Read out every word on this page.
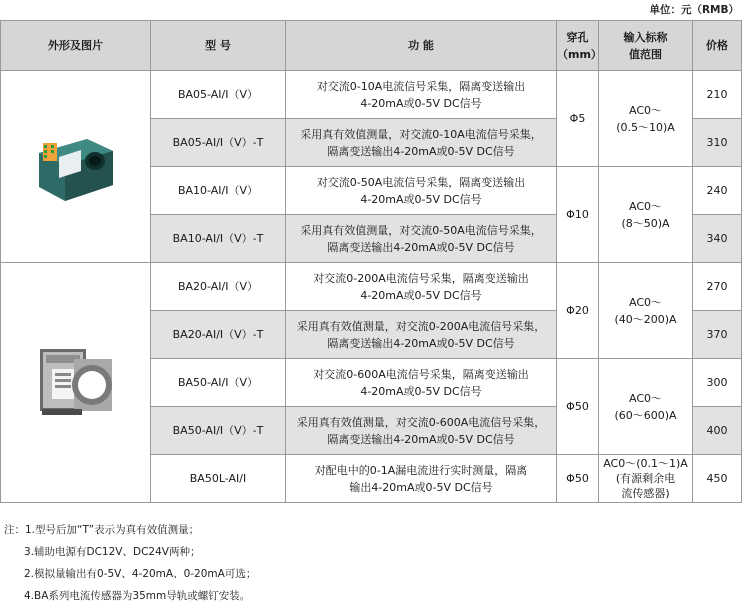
单位：元（RMB）
外形及图片	型 号	功 能	穿孔
（mm）	输入标称
值范围	价格

	BA05-AI/I（V）	对交流0-10A电流信号采集，隔离变送输出
4-20mA或0-5V DC信号	Φ5	AC0～
(0.5～10)A	210
	BA05-AI/I（V）-T	采用真有效值测量，对交流0-10A电流信号采集，
隔离变送输出4-20mA或0-5V DC信号			310
	BA10-AI/I（V）	对交流0-50A电流信号采集，隔离变送输出
4-20mA或0-5V DC信号	Φ10	AC0～
(8～50)A	240
	BA10-AI/I（V）-T	采用真有效值测量，对交流0-50A电流信号采集，
隔离变送输出4-20mA或0-5V DC信号			340

	BA20-AI/I（V）	对交流0-200A电流信号采集，隔离变送输出
4-20mA或0-5V DC信号	Φ20	AC0～
(40～200)A	270
	BA20-AI/I（V）-T	采用真有效值测量，对交流0-200A电流信号采集，
隔离变送输出4-20mA或0-5V DC信号			370
	BA50-AI/I（V）	对交流0-600A电流信号采集，隔离变送输出
4-20mA或0-5V DC信号	Φ50	AC0～
(60～600)A	300
	BA50-AI/I（V）-T	采用真有效值测量，对交流0-600A电流信号采集，
隔离变送输出4-20mA或0-5V DC信号			400
	BA50L-AI/I	对配电中的0-1A漏电流进行实时测量，隔离
输出4-20mA或0-5V DC信号	Φ50	AC0～(0.1～1)A
(有源剩余电
流传感器)	450
注：1.型号后加“T”表示为真有效值测量；
3.辅助电源有DC12V、DC24V两种；
2.模拟量输出有0-5V、4-20mA、0-20mA可选；
4.BA系列电流传感器为35mm导轨或螺钉安装。
